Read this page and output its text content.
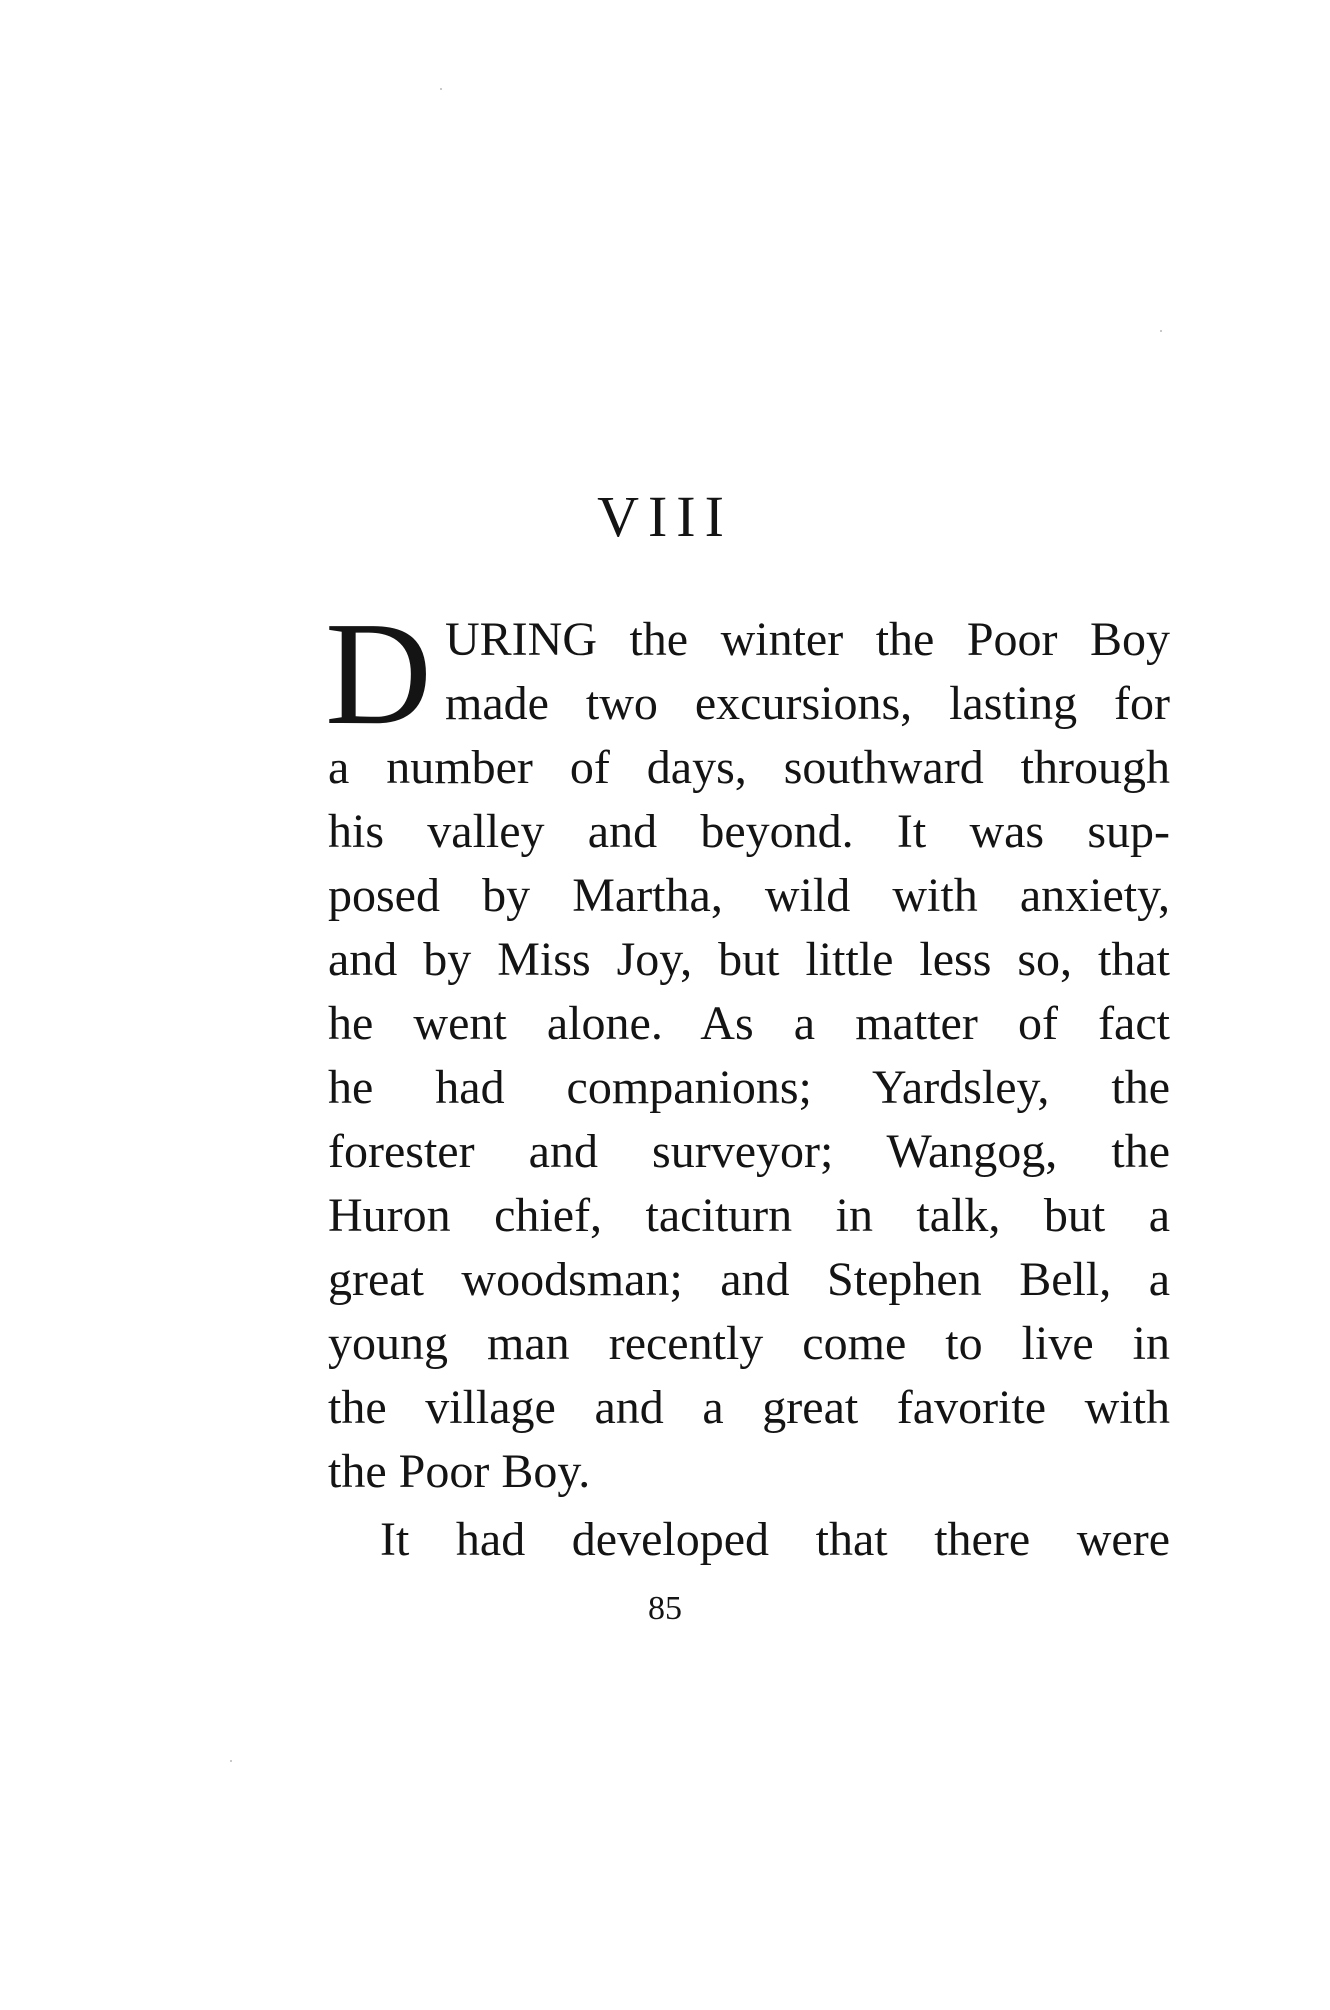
VIII
D URING the winter the Poor Boy
made two excursions, lasting for
a number of days, southward through
his valley and beyond. It was sup-
posed by Martha, wild with anxiety,
and by Miss Joy, but little less so, that
he went alone. As a matter of fact
he had companions; Yardsley, the
forester and surveyor; Wangog, the
Huron chief, taciturn in talk, but a
great woodsman; and Stephen Bell, a
young man recently come to live in
the village and a great favorite with
the Poor Boy.
It had developed that there were
85
